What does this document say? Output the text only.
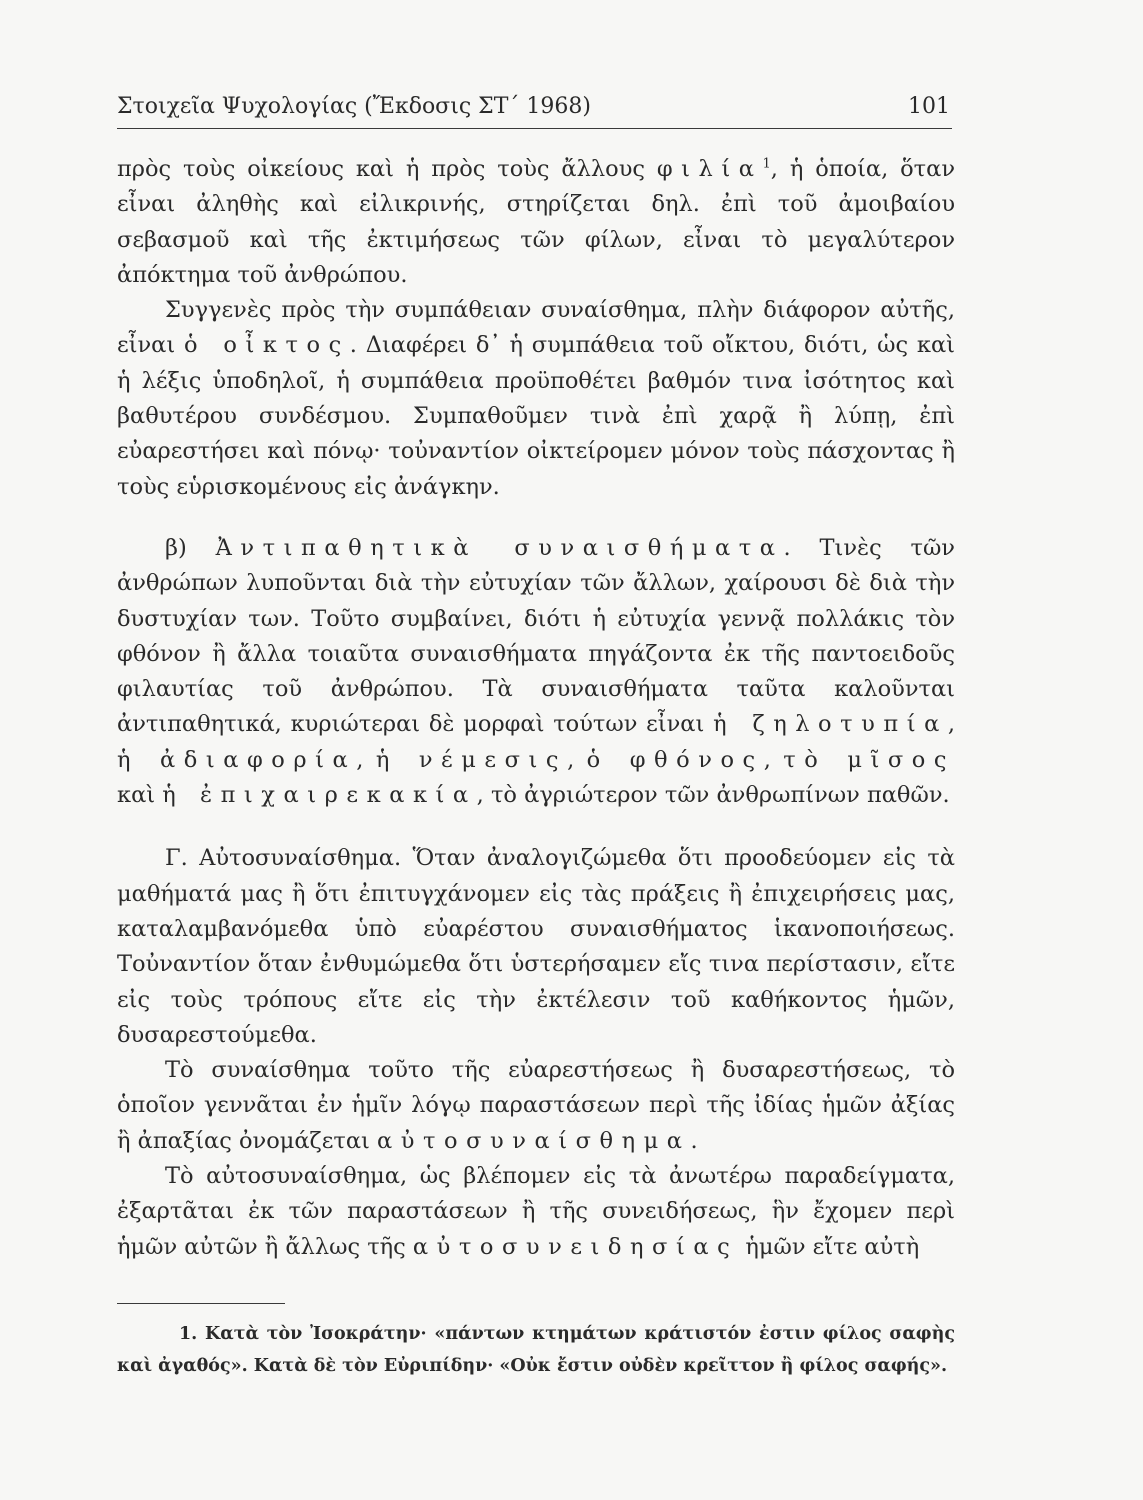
Στοιχεῖα Ψυχολογίας (Ἔκδοσις ΣΤ΄ 1968)	101

πρὸς τοὺς οἰκείους καὶ ἡ πρὸς τοὺς ἄλλους φιλία$^1$, ἡ ὁποία, ὅταν εἶναι ἀληθὴς καὶ εἰλικρινής, στηρίζεται δηλ. ἐπὶ τοῦ ἀμοιβαίου σεβασμοῦ καὶ τῆς ἐκτιμήσεως τῶν φίλων, εἶναι τὸ μεγαλύτερον ἀπόκτημα τοῦ ἀνθρώπου.

Συγγενὲς πρὸς τὴν συμπάθειαν συναίσθημα, πλὴν διάφορον αὐτῆς, εἶναι ὁ οἶκτος. Διαφέρει δ᾿ ἡ συμπάθεια τοῦ οἴκτου, διότι, ὡς καὶ ἡ λέξις ὑποδηλοῖ, ἡ συμπάθεια προϋποθέτει βαθμόν τινα ἰσότητος καὶ βαθυτέρου συνδέσμου. Συμπαθοῦμεν τινὰ ἐπὶ χαρᾷ ἢ λύπῃ, ἐπὶ εὐαρεστήσει καὶ πόνῳ· τοὐναντίον οἰκτείρομεν μόνον τοὺς πάσχοντας ἢ τοὺς εὑρισκομένους εἰς ἀνάγκην.

β) Ἀντιπαθητικὰ συναισθήματα. Τινὲς τῶν ἀνθρώπων λυποῦνται διὰ τὴν εὐτυχίαν τῶν ἄλλων, χαίρουσι δὲ διὰ τὴν δυστυχίαν των. Τοῦτο συμβαίνει, διότι ἡ εὐτυχία γεννᾷ πολλάκις τὸν φθόνον ἢ ἄλλα τοιαῦτα συναισθήματα πηγάζοντα ἐκ τῆς παντοειδοῦς φιλαυτίας τοῦ ἀνθρώπου. Τὰ συναισθήματα ταῦτα καλοῦνται ἀντιπαθητικά, κυριώτεραι δὲ μορφαὶ τούτων εἶναι ἡ ζηλοτυπία, ἡ ἀδιαφορία, ἡ νέμεσις, ὁ φθόνος, τὸ μῖσος καὶ ἡ ἐπιχαιρεκακία, τὸ ἀγριώτερον τῶν ἀνθρωπίνων παθῶν.

Γ. Αὐτοσυναίσθημα. Ὅταν ἀναλογιζώμεθα ὅτι προοδεύομεν εἰς τὰ μαθήματά μας ἢ ὅτι ἐπιτυγχάνομεν εἰς τὰς πράξεις ἢ ἐπιχειρήσεις μας, καταλαμβανόμεθα ὑπὸ εὐαρέστου συναισθήματος ἱκανοποιήσεως. Τοὐναντίον ὅταν ἐνθυμώμεθα ὅτι ὑστερήσαμεν εἴς τινα περίστασιν, εἴτε εἰς τοὺς τρόπους εἴτε εἰς τὴν ἐκτέλεσιν τοῦ καθήκοντος ἡμῶν, δυσαρεστούμεθα.

Τὸ συναίσθημα τοῦτο τῆς εὐαρεστήσεως ἢ δυσαρεστήσεως, τὸ ὁποῖον γεννᾶται ἐν ἡμῖν λόγῳ παραστάσεων περὶ τῆς ἰδίας ἡμῶν ἀξίας ἢ ἀπαξίας ὀνομάζεται αὐτοσυναίσθημα.

Τὸ αὐτοσυναίσθημα, ὡς βλέπομεν εἰς τὰ ἀνωτέρω παραδείγματα, ἐξαρτᾶται ἐκ τῶν παραστάσεων ἢ τῆς συνειδήσεως, ἣν ἔχομεν περὶ ἡμῶν αὐτῶν ἢ ἄλλως τῆς αὐτοσυνειδησίας ἡμῶν εἴτε αὐτὴ

1. Κατὰ τὸν Ἰσοκράτην· «πάντων κτημάτων κράτιστόν ἐστιν φίλος σαφὴς καὶ ἀγαθός». Κατὰ δὲ τὸν Εὐριπίδην· «Οὐκ ἔστιν οὐδὲν κρεῖττον ἢ φίλος σαφής».
